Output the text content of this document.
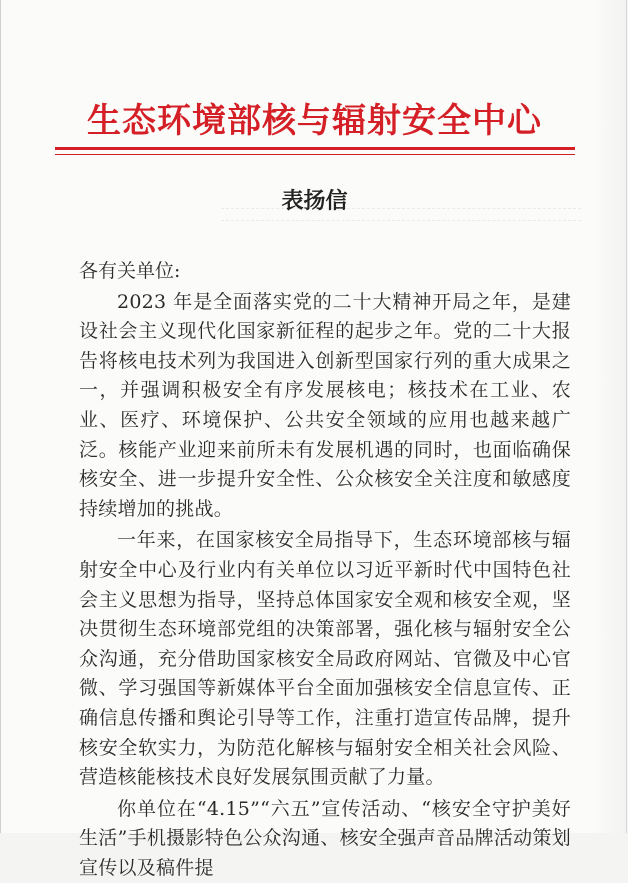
生态环境部核与辐射安全中心
表扬信
各有关单位:

2023 年是全面落实党的二十大精神开局之年，是建设社会主义现代化国家新征程的起步之年。党的二十大报告将核电技术列为我国进入创新型国家行列的重大成果之一，并强调积极安全有序发展核电；核技术在工业、农业、医疗、环境保护、公共安全领域的应用也越来越广泛。核能产业迎来前所未有发展机遇的同时，也面临确保核安全、进一步提升安全性、公众核安全关注度和敏感度持续增加的挑战。

一年来，在国家核安全局指导下，生态环境部核与辐射安全中心及行业内有关单位以习近平新时代中国特色社会主义思想为指导，坚持总体国家安全观和核安全观，坚决贯彻生态环境部党组的决策部署，强化核与辐射安全公众沟通，充分借助国家核安全局政府网站、官微及中心官微、学习强国等新媒体平台全面加强核安全信息宣传、正确信息传播和舆论引导等工作，注重打造宣传品牌，提升核安全软实力，为防范化解核与辐射安全相关社会风险、营造核能核技术良好发展氛围贡献了力量。

你单位在“4.15”“六五”宣传活动、“核安全守护美好生活”手机摄影特色公众沟通、核安全强声音品牌活动策划宣传以及稿件提
